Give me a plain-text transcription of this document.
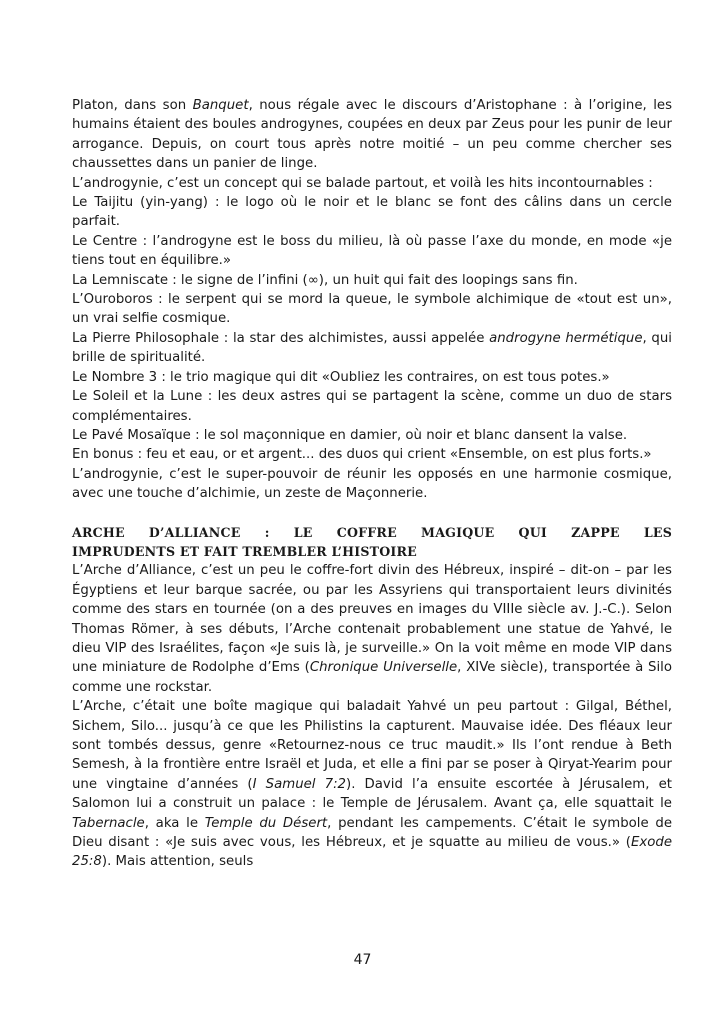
Platon, dans son Banquet, nous régale avec le discours d’Aristophane : à l’origine, les humains étaient des boules androgynes, coupées en deux par Zeus pour les punir de leur arrogance. Depuis, on court tous après notre moitié – un peu comme chercher ses chaussettes dans un panier de linge.

L’androgynie, c’est un concept qui se balade partout, et voilà les hits incontournables :

Le Taijitu (yin-yang) : le logo où le noir et le blanc se font des câlins dans un cercle parfait.

Le Centre : l’androgyne est le boss du milieu, là où passe l’axe du monde, en mode «je tiens tout en équilibre.»

La Lemniscate : le signe de l’infini (∞), un huit qui fait des loopings sans fin.

L’Ouroboros : le serpent qui se mord la queue, le symbole alchimique de «tout est un», un vrai selfie cosmique.

La Pierre Philosophale : la star des alchimistes, aussi appelée androgyne hermétique, qui brille de spiritualité.

Le Nombre 3 : le trio magique qui dit «Oubliez les contraires, on est tous potes.»

Le Soleil et la Lune : les deux astres qui se partagent la scène, comme un duo de stars complémentaires.

Le Pavé Mosaïque : le sol maçonnique en damier, où noir et blanc dansent la valse.

En bonus : feu et eau, or et argent... des duos qui crient «Ensemble, on est plus forts.»

L’androgynie, c’est le super-pouvoir de réunir les opposés en une harmonie cosmique, avec une touche d’alchimie, un zeste de Maçonnerie.

ARCHE D’ALLIANCE : LE COFFRE MAGIQUE QUI ZAPPE LES
IMPRUDENTS ET FAIT TREMBLER L’HISTOIRE

L’Arche d’Alliance, c’est un peu le coffre-fort divin des Hébreux, inspiré – dit-on – par les Égyptiens et leur barque sacrée, ou par les Assyriens qui transportaient leurs divinités comme des stars en tournée (on a des preuves en images du VIIIe siècle av. J.-C.). Selon Thomas Römer, à ses débuts, l’Arche contenait probablement une statue de Yahvé, le dieu VIP des Israélites, façon «Je suis là, je surveille.» On la voit même en mode VIP dans une miniature de Rodolphe d’Ems (Chronique Universelle, XIVe siècle), transportée à Silo comme une rockstar.

L’Arche, c’était une boîte magique qui baladait Yahvé un peu partout : Gilgal, Béthel, Sichem, Silo... jusqu’à ce que les Philistins la capturent. Mauvaise idée. Des fléaux leur sont tombés dessus, genre «Retournez-nous ce truc maudit.» Ils l’ont rendue à Beth Semesh, à la frontière entre Israël et Juda, et elle a fini par se poser à Qiryat-Yearim pour une vingtaine d’années (I Samuel 7:2). David l’a ensuite escortée à Jérusalem, et Salomon lui a construit un palace : le Temple de Jérusalem. Avant ça, elle squattait le Tabernacle, aka le Temple du Désert, pendant les campements. C’était le symbole de Dieu disant : «Je suis avec vous, les Hébreux, et je squatte au milieu de vous.» (Exode 25:8). Mais attention, seuls

47
